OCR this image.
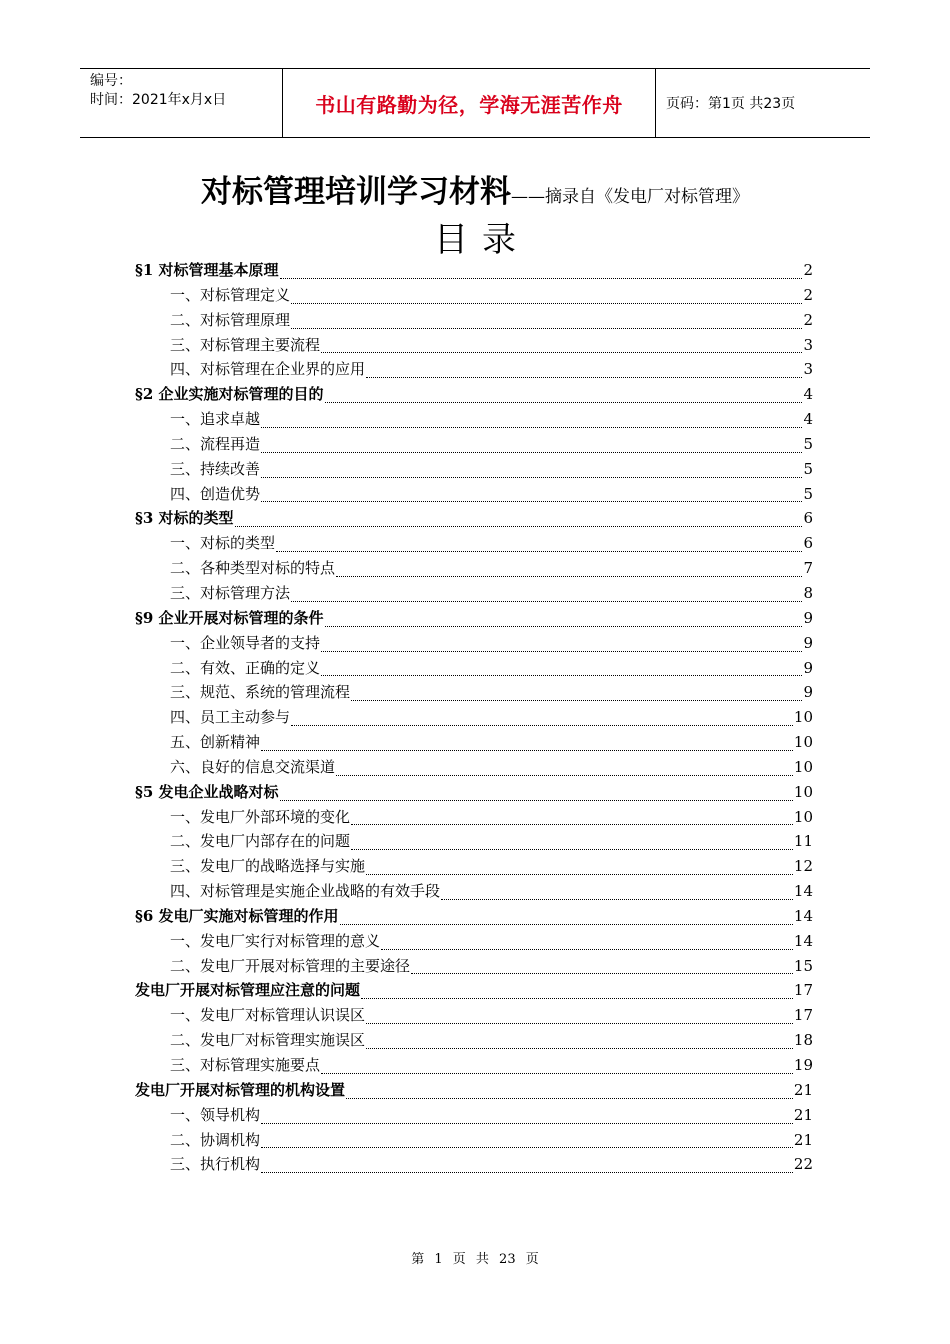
编号：
时间：2021年x月x日	书山有路勤为径，学海无涯苦作舟	页码：第1页 共23页
对标管理培训学习材料——摘录自《发电厂对标管理》
目录
§1 对标管理基本原理	2
一、对标管理定义	2
二、对标管理原理	2
三、对标管理主要流程	3
四、对标管理在企业界的应用	3
§2 企业实施对标管理的目的	4
一、追求卓越	4
二、流程再造	5
三、持续改善	5
四、创造优势	5
§3 对标的类型	6
一、对标的类型	6
二、各种类型对标的特点	7
三、对标管理方法	8
§9 企业开展对标管理的条件	9
一、企业领导者的支持	9
二、有效、正确的定义	9
三、规范、系统的管理流程	9
四、员工主动参与	10
五、创新精神	10
六、良好的信息交流渠道	10
§5 发电企业战略对标	10
一、发电厂外部环境的变化	10
二、发电厂内部存在的问题	11
三、发电厂的战略选择与实施	12
四、对标管理是实施企业战略的有效手段	14
§6 发电厂实施对标管理的作用	14
一、发电厂实行对标管理的意义	14
二、发电厂开展对标管理的主要途径	15
发电厂开展对标管理应注意的问题	17
一、发电厂对标管理认识误区	17
二、发电厂对标管理实施误区	18
三、对标管理实施要点	19
发电厂开展对标管理的机构设置	21
一、领导机构	21
二、协调机构	21
三、执行机构	22
第 1 页 共 23 页
